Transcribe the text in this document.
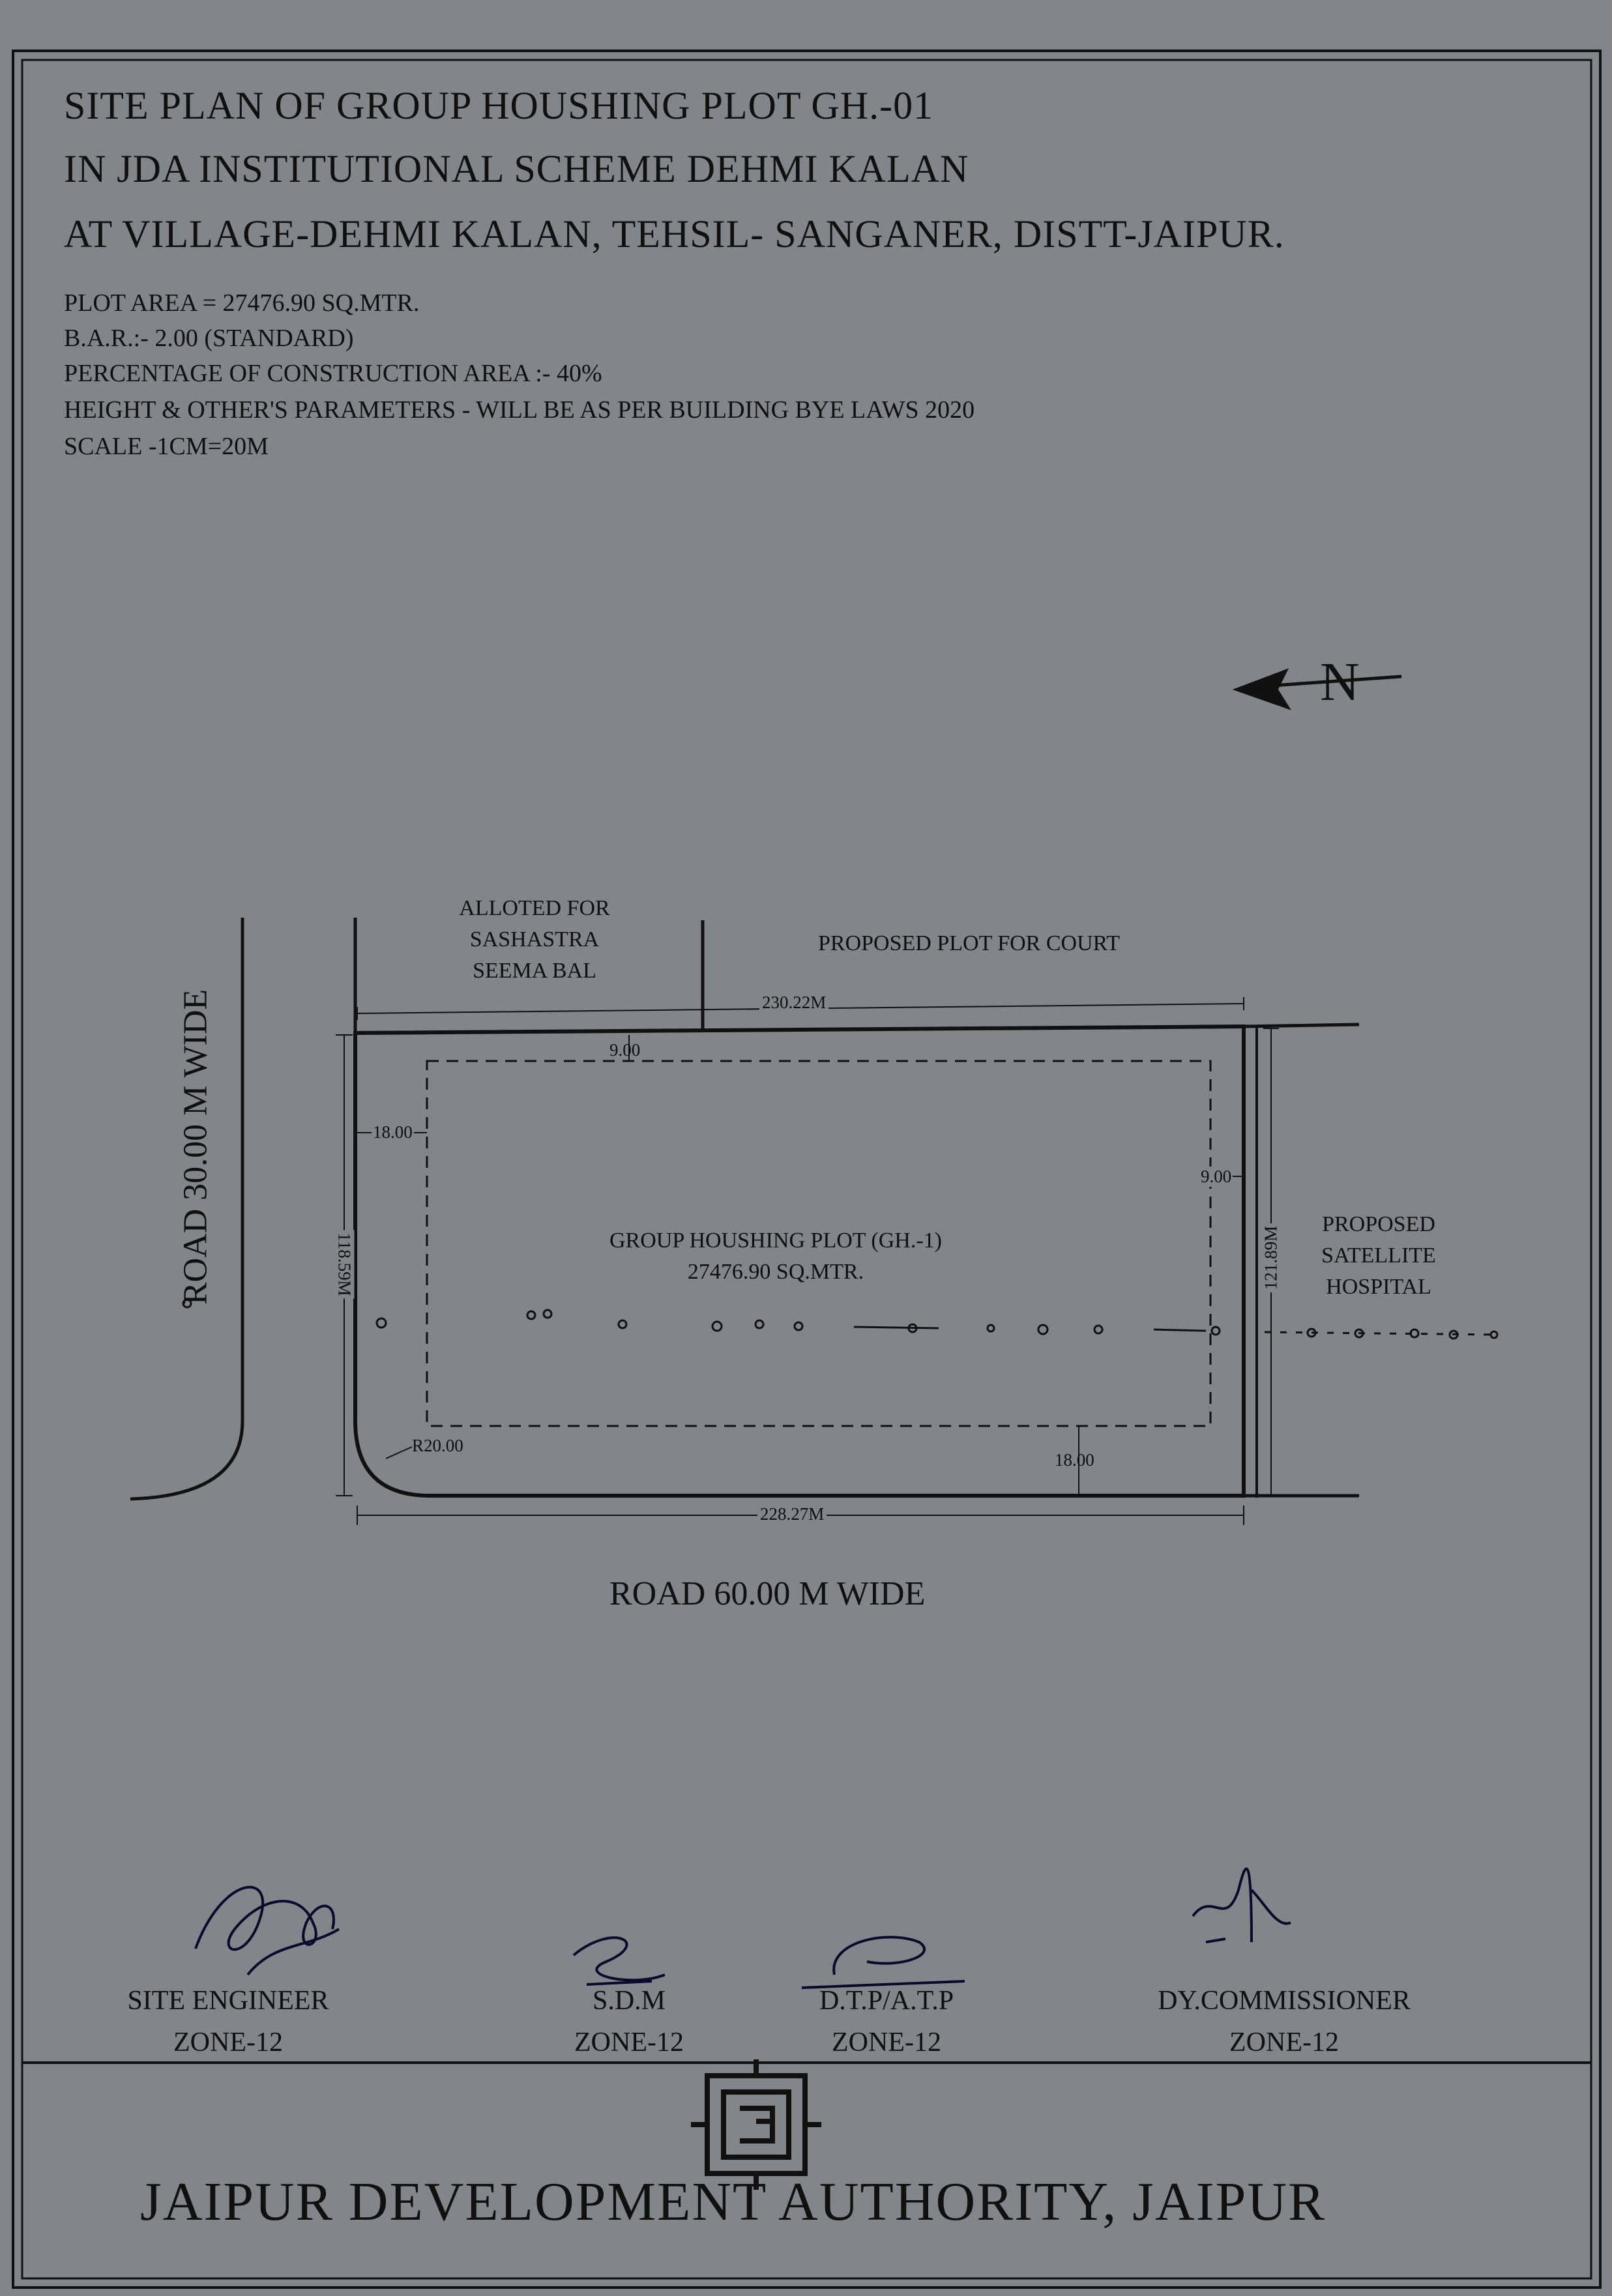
SITE PLAN OF GROUP HOUSHING PLOT GH.-01
IN JDA INSTITUTIONAL SCHEME DEHMI KALAN
AT VILLAGE-DEHMI KALAN, TEHSIL- SANGANER, DISTT-JAIPUR.
PLOT AREA = 27476.90 SQ.MTR.
B.A.R.:- 2.00 (STANDARD)
PERCENTAGE OF CONSTRUCTION AREA :- 40%
HEIGHT & OTHER'S PARAMETERS - WILL BE AS PER BUILDING BYE LAWS 2020
SCALE -1CM=20M
N
ALLOTED FOR
SASHASTRA
SEEMA BAL
PROPOSED PLOT FOR COURT
PROPOSED
SATELLITE
HOSPITAL
GROUP HOUSHING PLOT (GH.-1)
27476.90 SQ.MTR.
ROAD 30.00 M WIDE
ROAD 60.00 M WIDE
230.22M
228.27M
118.59M	121.89M
9.00
18.00
9.00
18.00
R20.00
SITE ENGINEER
ZONE-12
S.D.M
ZONE-12
D.T.P/A.T.P
ZONE-12
DY.COMMISSIONER
ZONE-12
JAIPUR DEVELOPMENT AUTHORITY, JAIPUR
